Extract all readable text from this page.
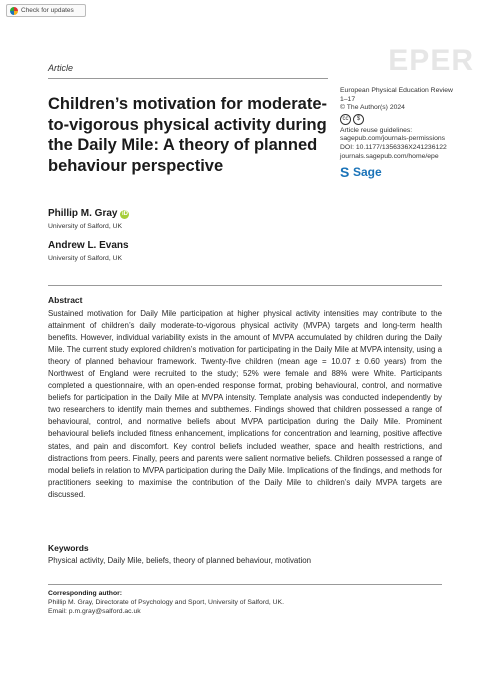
Check for updates
EPER
Article
Children’s motivation for moderate-to-vigorous physical activity during the Daily Mile: A theory of planned behaviour perspective
European Physical Education Review
1–17
© The Author(s) 2024
cc	$
Article reuse guidelines:
sagepub.com/journals-permissions
DOI: 10.1177/1356336X241236122
journals.sagepub.com/home/epe
S
Sage
Phillip M. Gray iD
University of Salford, UK
Andrew L. Evans
University of Salford, UK
Abstract

Sustained motivation for Daily Mile participation at higher physical activity intensities may contribute to the attainment of children’s daily moderate-to-vigorous physical activity (MVPA) targets and long-term health benefits. However, individual variability exists in the amount of MVPA accumulated by children during the Daily Mile. The current study explored children’s motivation for participating in the Daily Mile at MVPA intensity, using a theory of planned behaviour framework. Twenty-five children (mean age = 10.07 ± 0.60 years) from the Northwest of England were recruited to the study; 52% were female and 88% were White. Participants completed a questionnaire, with an open-ended response format, probing behavioural, control, and normative beliefs for participation in the Daily Mile at MVPA intensity. Template analysis was conducted independently by two researchers to identify main themes and subthemes. Findings showed that children possessed a range of behavioural, control, and normative beliefs about MVPA participation during the Daily Mile. Prominent behavioural beliefs included fitness enhancement, implications for concentration and learning, positive affective states, and pain and discomfort. Key control beliefs included weather, space and health restrictions, and distractions from peers. Finally, peers and parents were salient normative beliefs. Children possessed a range of modal beliefs in relation to MVPA participation during the Daily Mile. Implications of the findings, and methods for practitioners seeking to maximise the contribution of the Daily Mile to children’s daily MVPA targets are discussed.

Keywords
Physical activity, Daily Mile, beliefs, theory of planned behaviour, motivation
Corresponding author:
Phillip M. Gray, Directorate of Psychology and Sport, University of Salford, UK.
Email: p.m.gray@salford.ac.uk
